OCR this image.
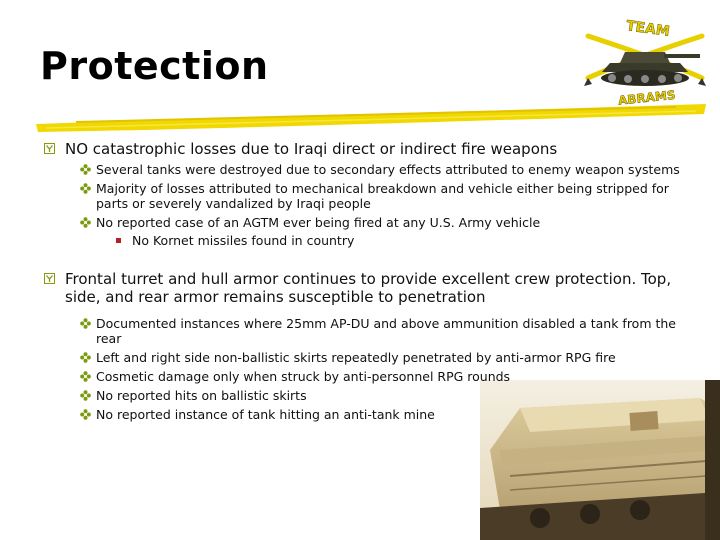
Protection
TEAM
ABRAMS
NO catastrophic losses due to Iraqi direct or indirect fire weapons
Several tanks were destroyed due to secondary effects attributed to enemy weapon systems
Majority of losses attributed to mechanical breakdown and vehicle either being stripped for parts or severely vandalized by Iraqi people
No reported case of an AGTM ever being fired at any U.S. Army vehicle
No Kornet missiles found in country
Frontal turret and hull armor continues to provide excellent crew protection. Top, side, and rear armor remains susceptible to penetration
Documented instances where 25mm AP-DU and above ammunition disabled a tank from the rear
Left and right side non-ballistic skirts repeatedly penetrated by anti-armor RPG fire
Cosmetic damage only when struck by anti-personnel RPG rounds
No reported hits on ballistic skirts
No reported instance of tank hitting an anti-tank mine
